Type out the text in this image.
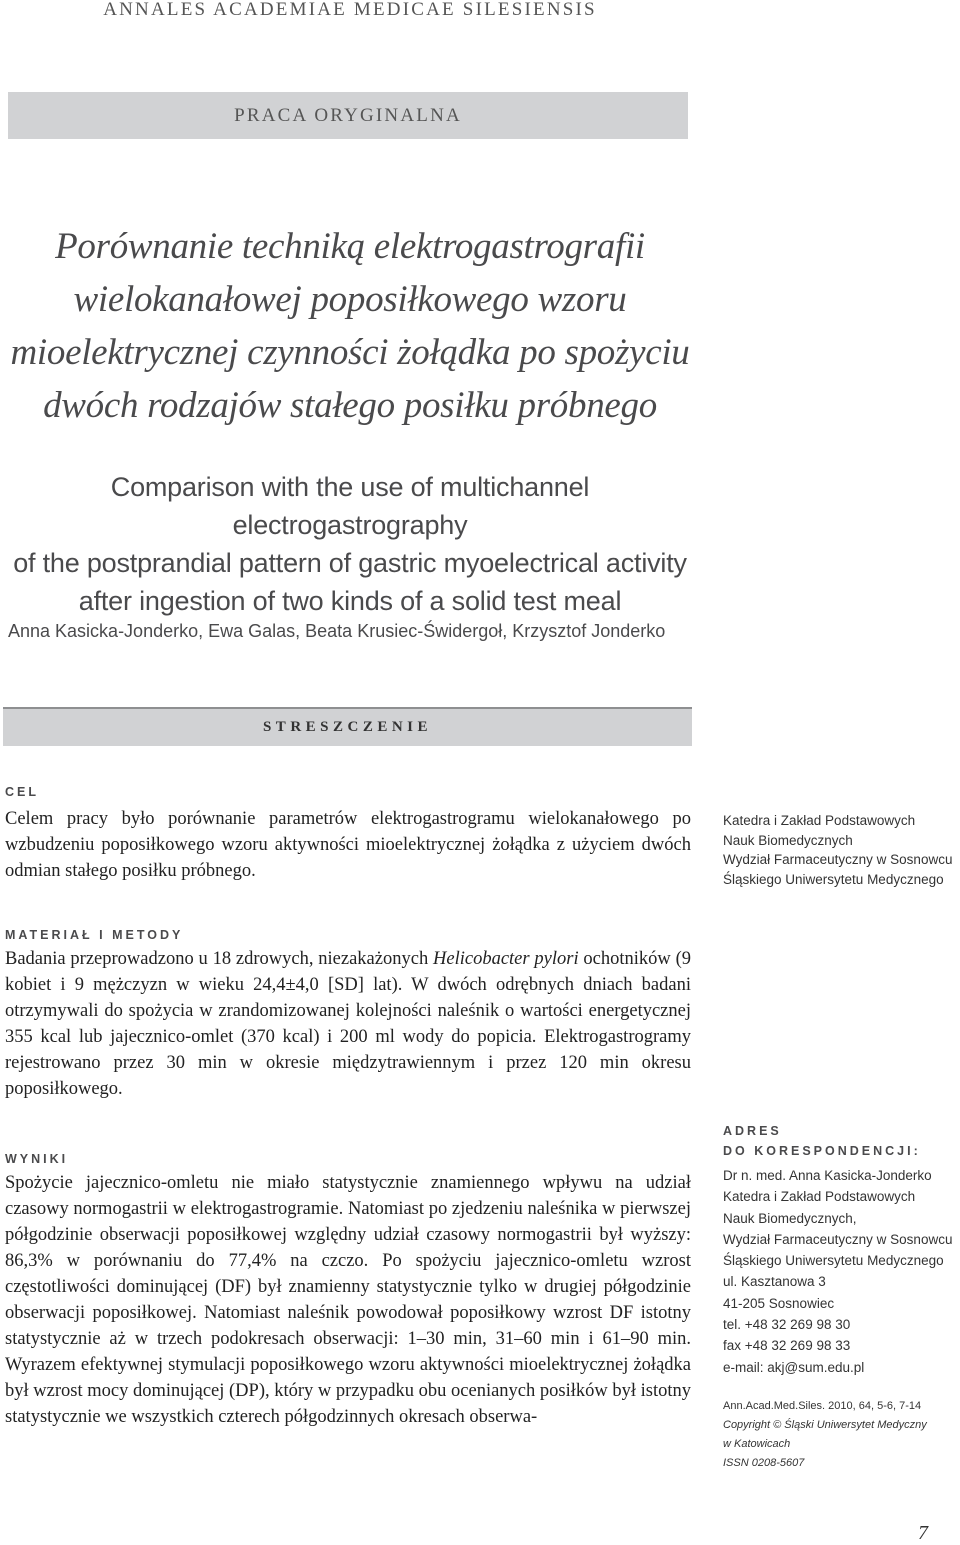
ANNALES ACADEMIAE MEDICAE SILESIENSIS
PRACA ORYGINALNA
Porównanie techniką elektrogastrografii
wielokanałowej poposiłkowego wzoru
mioelektrycznej czynności żołądka po spożyciu
dwóch rodzajów stałego posiłku próbnego
Comparison with the use of multichannel electrogastrography
of the postprandial pattern of gastric myoelectrical activity
after ingestion of two kinds of a solid test meal
Anna Kasicka-Jonderko, Ewa Galas, Beata Krusiec-Świdergoł, Krzysztof Jonderko
STRESZCZENIE
CEL
Celem pracy było porównanie parametrów elektrogastrogramu wielokanałowego po wzbudzeniu poposiłkowego wzoru aktywności mioelektrycznej żołądka z użyciem dwóch odmian stałego posiłku próbnego.
Katedra i Zakład Podstawowych
Nauk Biomedycznych
Wydział Farmaceutyczny w Sosnowcu
Śląskiego Uniwersytetu Medycznego
MATERIAŁ I METODY
Badania przeprowadzono u 18 zdrowych, niezakażonych Helicobacter pylori ochotników (9 kobiet i 9 mężczyzn w wieku 24,4±4,0 [SD] lat). W dwóch odrębnych dniach badani otrzymywali do spożycia w zrandomizowanej kolejności naleśnik o wartości energetycznej 355 kcal lub jajecznico-omlet (370 kcal) i 200 ml wody do popicia. Elektrogastrogramy rejestrowano przez 30 min w okresie międzytrawiennym i przez 120 min okresu poposiłkowego.
WYNIKI
Spożycie jajecznico-omletu nie miało statystycznie znamiennego wpływu na udział czasowy normogastrii w elektrogastrogramie. Natomiast po zjedzeniu naleśnika w pierwszej półgodzinie obserwacji poposiłkowej względny udział czasowy normogastrii był wyższy: 86,3% w porównaniu do 77,4% na czczo. Po spożyciu jajecznico-omletu wzrost częstotliwości dominującej (DF) był znamienny statystycznie tylko w drugiej półgodzinie obserwacji poposiłkowej. Natomiast naleśnik powodował poposiłkowy wzrost DF istotny statystycznie aż w trzech podokresach obserwacji: 1–30 min, 31–60 min i 61–90 min. Wyrazem efektywnej stymulacji poposiłkowego wzoru aktywności mioelektrycznej żołądka był wzrost mocy dominującej (DP), który w przypadku obu ocenianych posiłków był istotny statystycznie we wszystkich czterech półgodzinnych okresach obserwa-
ADRES
DO KORESPONDENCJI:
Dr n. med. Anna Kasicka-Jonderko
Katedra i Zakład Podstawowych
Nauk Biomedycznych,
Wydział Farmaceutyczny w Sosnowcu
Śląskiego Uniwersytetu Medycznego
ul. Kasztanowa 3
41-205 Sosnowiec
tel. +48 32 269 98 30
fax +48 32 269 98 33
e-mail: akj@sum.edu.pl
Ann.Acad.Med.Siles. 2010, 64, 5-6, 7-14
Copyright © Śląski Uniwersytet Medyczny
w Katowicach
ISSN 0208-5607
7
